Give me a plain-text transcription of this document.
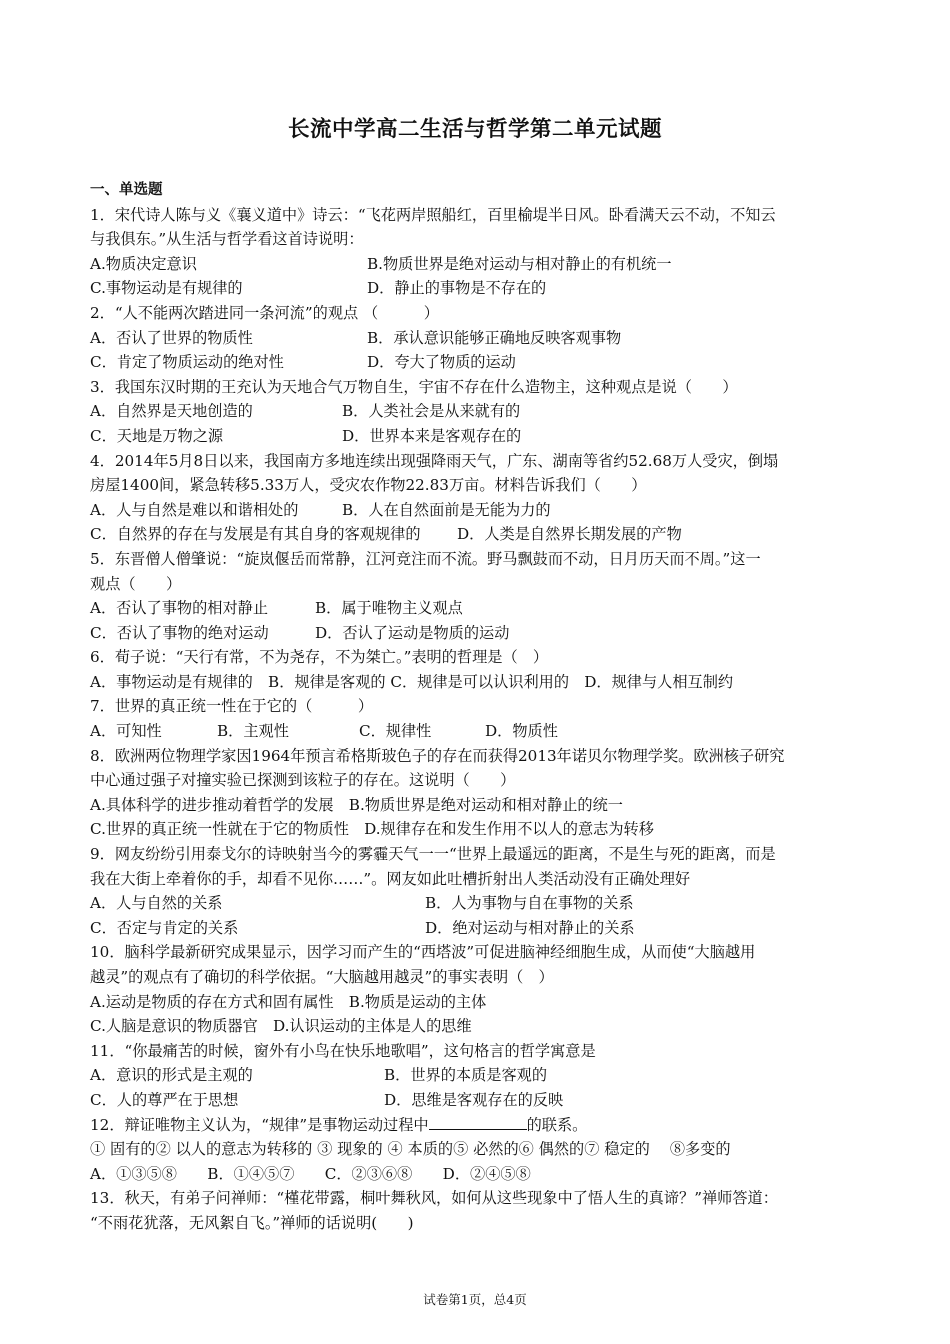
长流中学高二生活与哲学第二单元试题
一、单选题
1．宋代诗人陈与义《襄义道中》诗云：“飞花两岸照船红，百里榆堤半日风。卧看满天云不动，不知云
与我俱东。”从生活与哲学看这首诗说明：
A.物质决定意识	B.物质世界是绝对运动与相对静止的有机统一
C.事物运动是有规律的	D．静止的事物是不存在的
2．“人不能两次踏进同一条河流”的观点 （　　　）
A．否认了世界的物质性	B．承认意识能够正确地反映客观事物
C．肯定了物质运动的绝对性	D．夸大了物质的运动
3．我国东汉时期的王充认为天地合气万物自生，宇宙不存在什么造物主，这种观点是说（　　）
A．自然界是天地创造的	B．人类社会是从来就有的
C．天地是万物之源	D．世界本来是客观存在的
4．2014年5月8日以来，我国南方多地连续出现强降雨天气，广东、湖南等省约52.68万人受灾，倒塌
房屋1400间，紧急转移5.33万人，受灾农作物22.83万亩。材料告诉我们（　　）
A．人与自然是难以和谐相处的	B．人在自然面前是无能为力的
C．自然界的存在与发展是有其自身的客观规律的 D．人类是自然界长期发展的产物
5．东晋僧人僧肇说：“旋岚偃岳而常静，江河竞注而不流。野马飘鼓而不动，日月历天而不周。”这一
观点（　　）
A．否认了事物的相对静止	B．属于唯物主义观点
C．否认了事物的绝对运动	D．否认了运动是物质的运动
6．荀子说：“天行有常，不为尧存，不为桀亡。”表明的哲理是（　）
A．事物运动是有规律的　B．规律是客观的 C．规律是可以认识利用的　D．规律与人相互制约
7．世界的真正统一性在于它的（　　　）
A．可知性	B．主观性	C．规律性	D．物质性
8．欧洲两位物理学家因1964年预言希格斯玻色子的存在而获得2013年诺贝尔物理学奖。欧洲核子研究
中心通过强子对撞实验已探测到该粒子的存在。这说明（　　）
A.具体科学的进步推动着哲学的发展　B.物质世界是绝对运动和相对静止的统一
C.世界的真正统一性就在于它的物质性　D.规律存在和发生作用不以人的意志为转移
9．网友纷纷引用泰戈尔的诗映射当今的雾霾天气一一“世界上最遥远的距离，不是生与死的距离，而是
我在大街上牵着你的手，却看不见你……”。网友如此吐槽折射出人类活动没有正确处理好
A．人与自然的关系	B．人为事物与自在事物的关系
C．否定与肯定的关系	D．绝对运动与相对静止的关系
10．脑科学最新研究成果显示，因学习而产生的“西塔波”可促进脑神经细胞生成，从而使“大脑越用
越灵”的观点有了确切的科学依据。“大脑越用越灵”的事实表明（　）
A.运动是物质的存在方式和固有属性　B.物质是运动的主体
C.人脑是意识的物质器官　D.认识运动的主体是人的思维
11．“你最痛苦的时候，窗外有小鸟在快乐地歌唱”，这句格言的哲学寓意是
A．意识的形式是主观的	B．世界的本质是客观的
C．人的尊严在于思想	D．思维是客观存在的反映
12．辩证唯物主义认为，“规律”是事物运动过程中	的联系。
① 固有的② 以人的意志为转移的 ③ 现象的 ④ 本质的⑤ 必然的⑥ 偶然的⑦ 稳定的　 ⑧多变的
A．①③⑤⑧　　B．①④⑤⑦　　C．②③⑥⑧　　D．②④⑤⑧
13．秋天，有弟子问禅师：“槿花带露，桐叶舞秋风，如何从这些现象中了悟人生的真谛？”禅师答道：
“不雨花犹落，无风絮自飞。”禅师的话说明(　　)
试卷第1页，总4页
